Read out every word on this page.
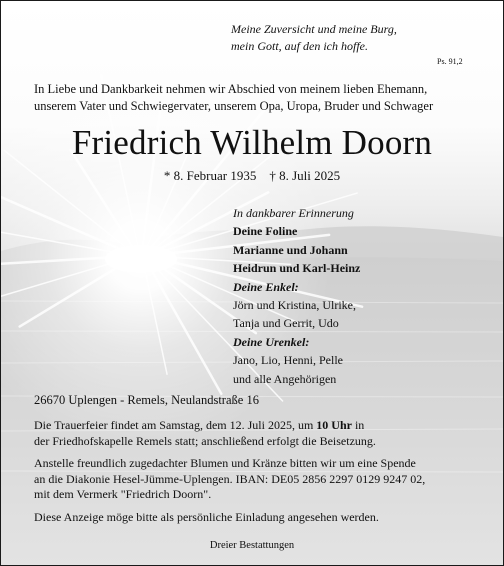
Meine Zuversicht und meine Burg,
mein Gott, auf den ich hoffe.
Ps. 91,2
In Liebe und Dankbarkeit nehmen wir Abschied von meinem lieben Ehemann,
unserem Vater und Schwiegervater, unserem Opa, Uropa, Bruder und Schwager
Friedrich Wilhelm Doorn
* 8. Februar 1935    † 8. Juli 2025
In dankbarer Erinnerung
Deine Foline
Marianne und Johann
Heidrun und Karl-Heinz
Deine Enkel:
Jörn und Kristina, Ulrike,
Tanja und Gerrit, Udo
Deine Urenkel:
Jano, Lio, Henni, Pelle
und alle Angehörigen
26670 Uplengen - Remels, Neulandstraße 16
Die Trauerfeier findet am Samstag, dem 12. Juli 2025, um 10 Uhr in
der Friedhofskapelle Remels statt; anschließend erfolgt die Beisetzung.
Anstelle freundlich zugedachter Blumen und Kränze bitten wir um eine Spende
an die Diakonie Hesel-Jümme-Uplengen. IBAN: DE05 2856 2297 0129 9247 02,
mit dem Vermerk "Friedrich Doorn".
Diese Anzeige möge bitte als persönliche Einladung angesehen werden.
Dreier Bestattungen
